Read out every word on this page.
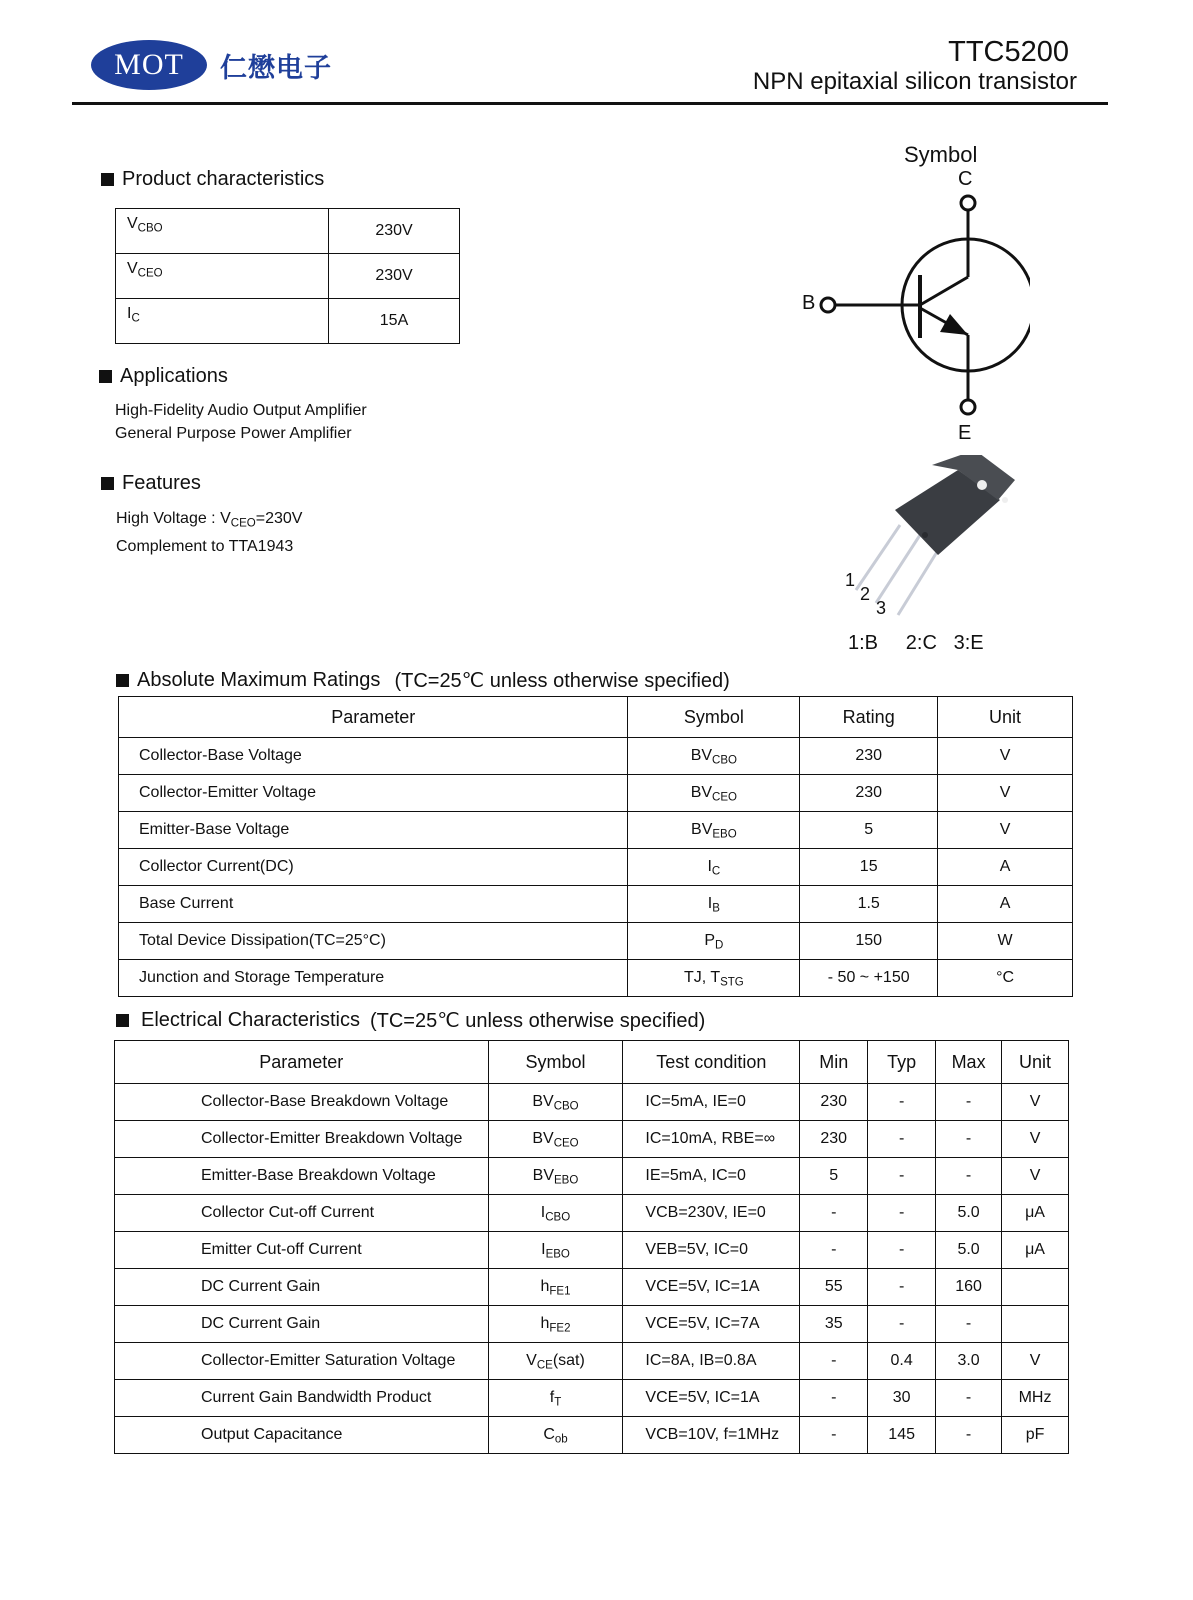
MOT 仁懋电子	TTC5200
NPN epitaxial silicon transistor
Product characteristics
$V_{CBO}$	230V
$V_{CEO}$	230V
$I_C$	15A
Applications
High-Fidelity Audio Output Amplifier
General Purpose Power Amplifier
Features
High Voltage : $V_{CEO}=230V$
Complement to TTA1943
Symbol
C
B
E
1
2
3
1:B     2:C   3:E
Absolute Maximum Ratings (TC=25℃ unless otherwise specified)
Parameter	Symbol	Rating	Unit
Collector-Base Voltage	$BV_{CBO}$	230	V
Collector-Emitter Voltage	$BV_{CEO}$	230	V
Emitter-Base Voltage	$BV_{EBO}$	5	V
Collector Current(DC)	$I_C$	15	A
Base Current	$I_B$	1.5	A
Total Device Dissipation(TC=25°C)	$P_D$	150	W
Junction and Storage Temperature	TJ, $T_{STG}$	- 50 ~ +150	°C
Electrical Characteristics (TC=25℃ unless otherwise specified)
Parameter	Symbol	Test condition	Min	Typ	Max	Unit
Collector-Base Breakdown Voltage	$BV_{CBO}$	IC=5mA, IE=0	230	-	-	V
Collector-Emitter Breakdown Voltage	$BV_{CEO}$	IC=10mA, RBE=∞	230	-	-	V
Emitter-Base Breakdown Voltage	$BV_{EBO}$	IE=5mA, IC=0	5	-	-	V
Collector Cut-off Current	$I_{CBO}$	VCB=230V, IE=0	-	-	5.0	μA
Emitter Cut-off Current	$I_{EBO}$	VEB=5V, IC=0	-	-	5.0	μA
DC Current Gain	$h_{FE1}$	VCE=5V, IC=1A	55	-	160	
DC Current Gain	$h_{FE2}$	VCE=5V, IC=7A	35	-	-	
Collector-Emitter Saturation Voltage	$V_{CE}(sat)$	IC=8A, IB=0.8A	-	0.4	3.0	V
Current Gain Bandwidth Product	$f_T$	VCE=5V, IC=1A	-	30	-	MHz
Output Capacitance	$C_{ob}$	VCB=10V, f=1MHz	-	145	-	pF
